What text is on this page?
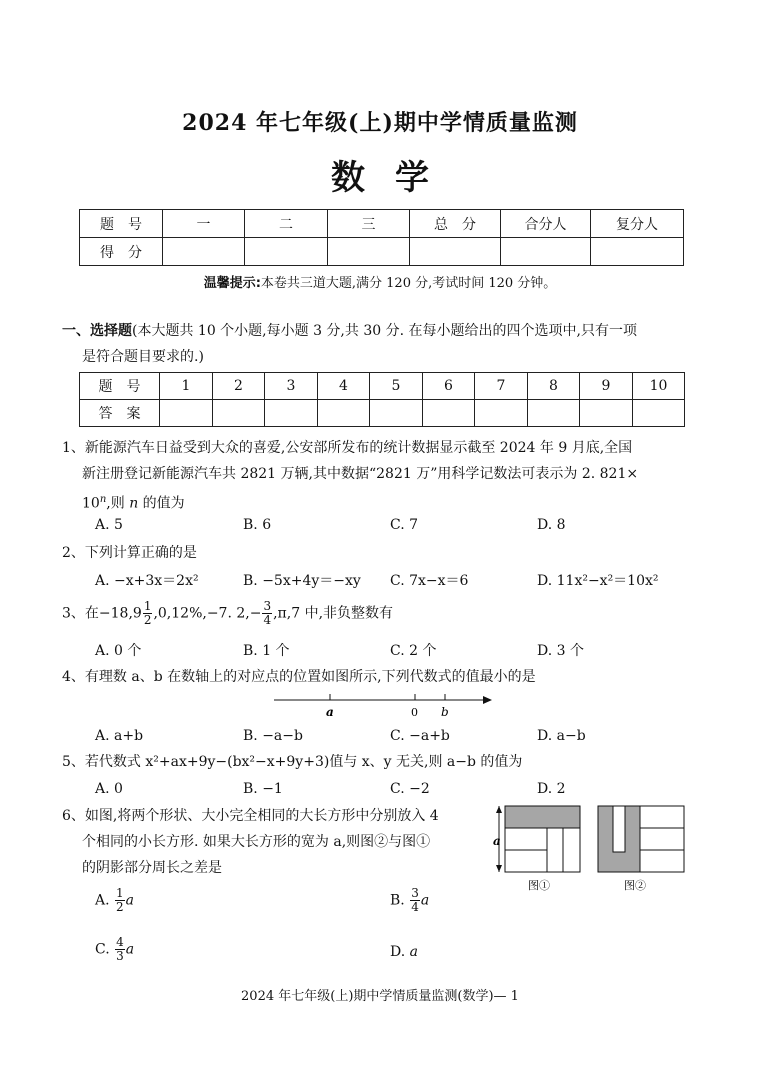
2024 年七年级(上)期中学情质量监测
数学
题　号	一	二	三	总　分	合分人	复分人
得　分						
温馨提示:本卷共三道大题,满分 120 分,考试时间 120 分钟。
一、选择题(本大题共 10 个小题,每小题 3 分,共 30 分. 在每小题给出的四个选项中,只有一项
是符合题目要求的.)
题　号	1	2	3	4	5	6	7	8	9	10
答　案										
1、新能源汽车日益受到大众的喜爱,公安部所发布的统计数据显示截至 2024 年 9 月底,全国
新注册登记新能源汽车共 2821 万辆,其中数据“2821 万”用科学记数法可表示为 2. 821×
$10^n$,则 n 的值为
A. 5	B. 6	C. 7	D. 8
2、下列计算正确的是
A. −x+3x＝2x²	B. −5x+4y＝−xy C. 7x−x＝6	D. 11x²−x²＝10x²
3、在$-18,9 \frac{1}{2} ,0,12\%,-7$. $2,- \frac{3}{4} ,\pi,7$ 中,非负整数有
A. 0 个	B. 1 个	C. 2 个	D. 3 个
4、有理数 a、b 在数轴上的对应点的位置如图所示,下列代数式的值最小的是
a	0 b
A. a+b	B. −a−b	C. −a+b	D. a−b
5、若代数式 x²+ax+9y−(bx²−x+9y+3)值与 x、y 无关,则 a−b 的值为
A. 0	B. −1	C. −2	D. 2
6、如图,将两个形状、大小完全相同的大长方形中分别放入 4
个相同的小长方形. 如果大长方形的宽为 a,则图②与图①
的阴影部分周长之差是
a
图①	图②
A. $\frac{1}{2}$ a	B. $\frac{3}{4}$ a
C. $\frac{4}{3}$ a	D. a
2024 年七年级(上)期中学情质量监测(数学)— 1
